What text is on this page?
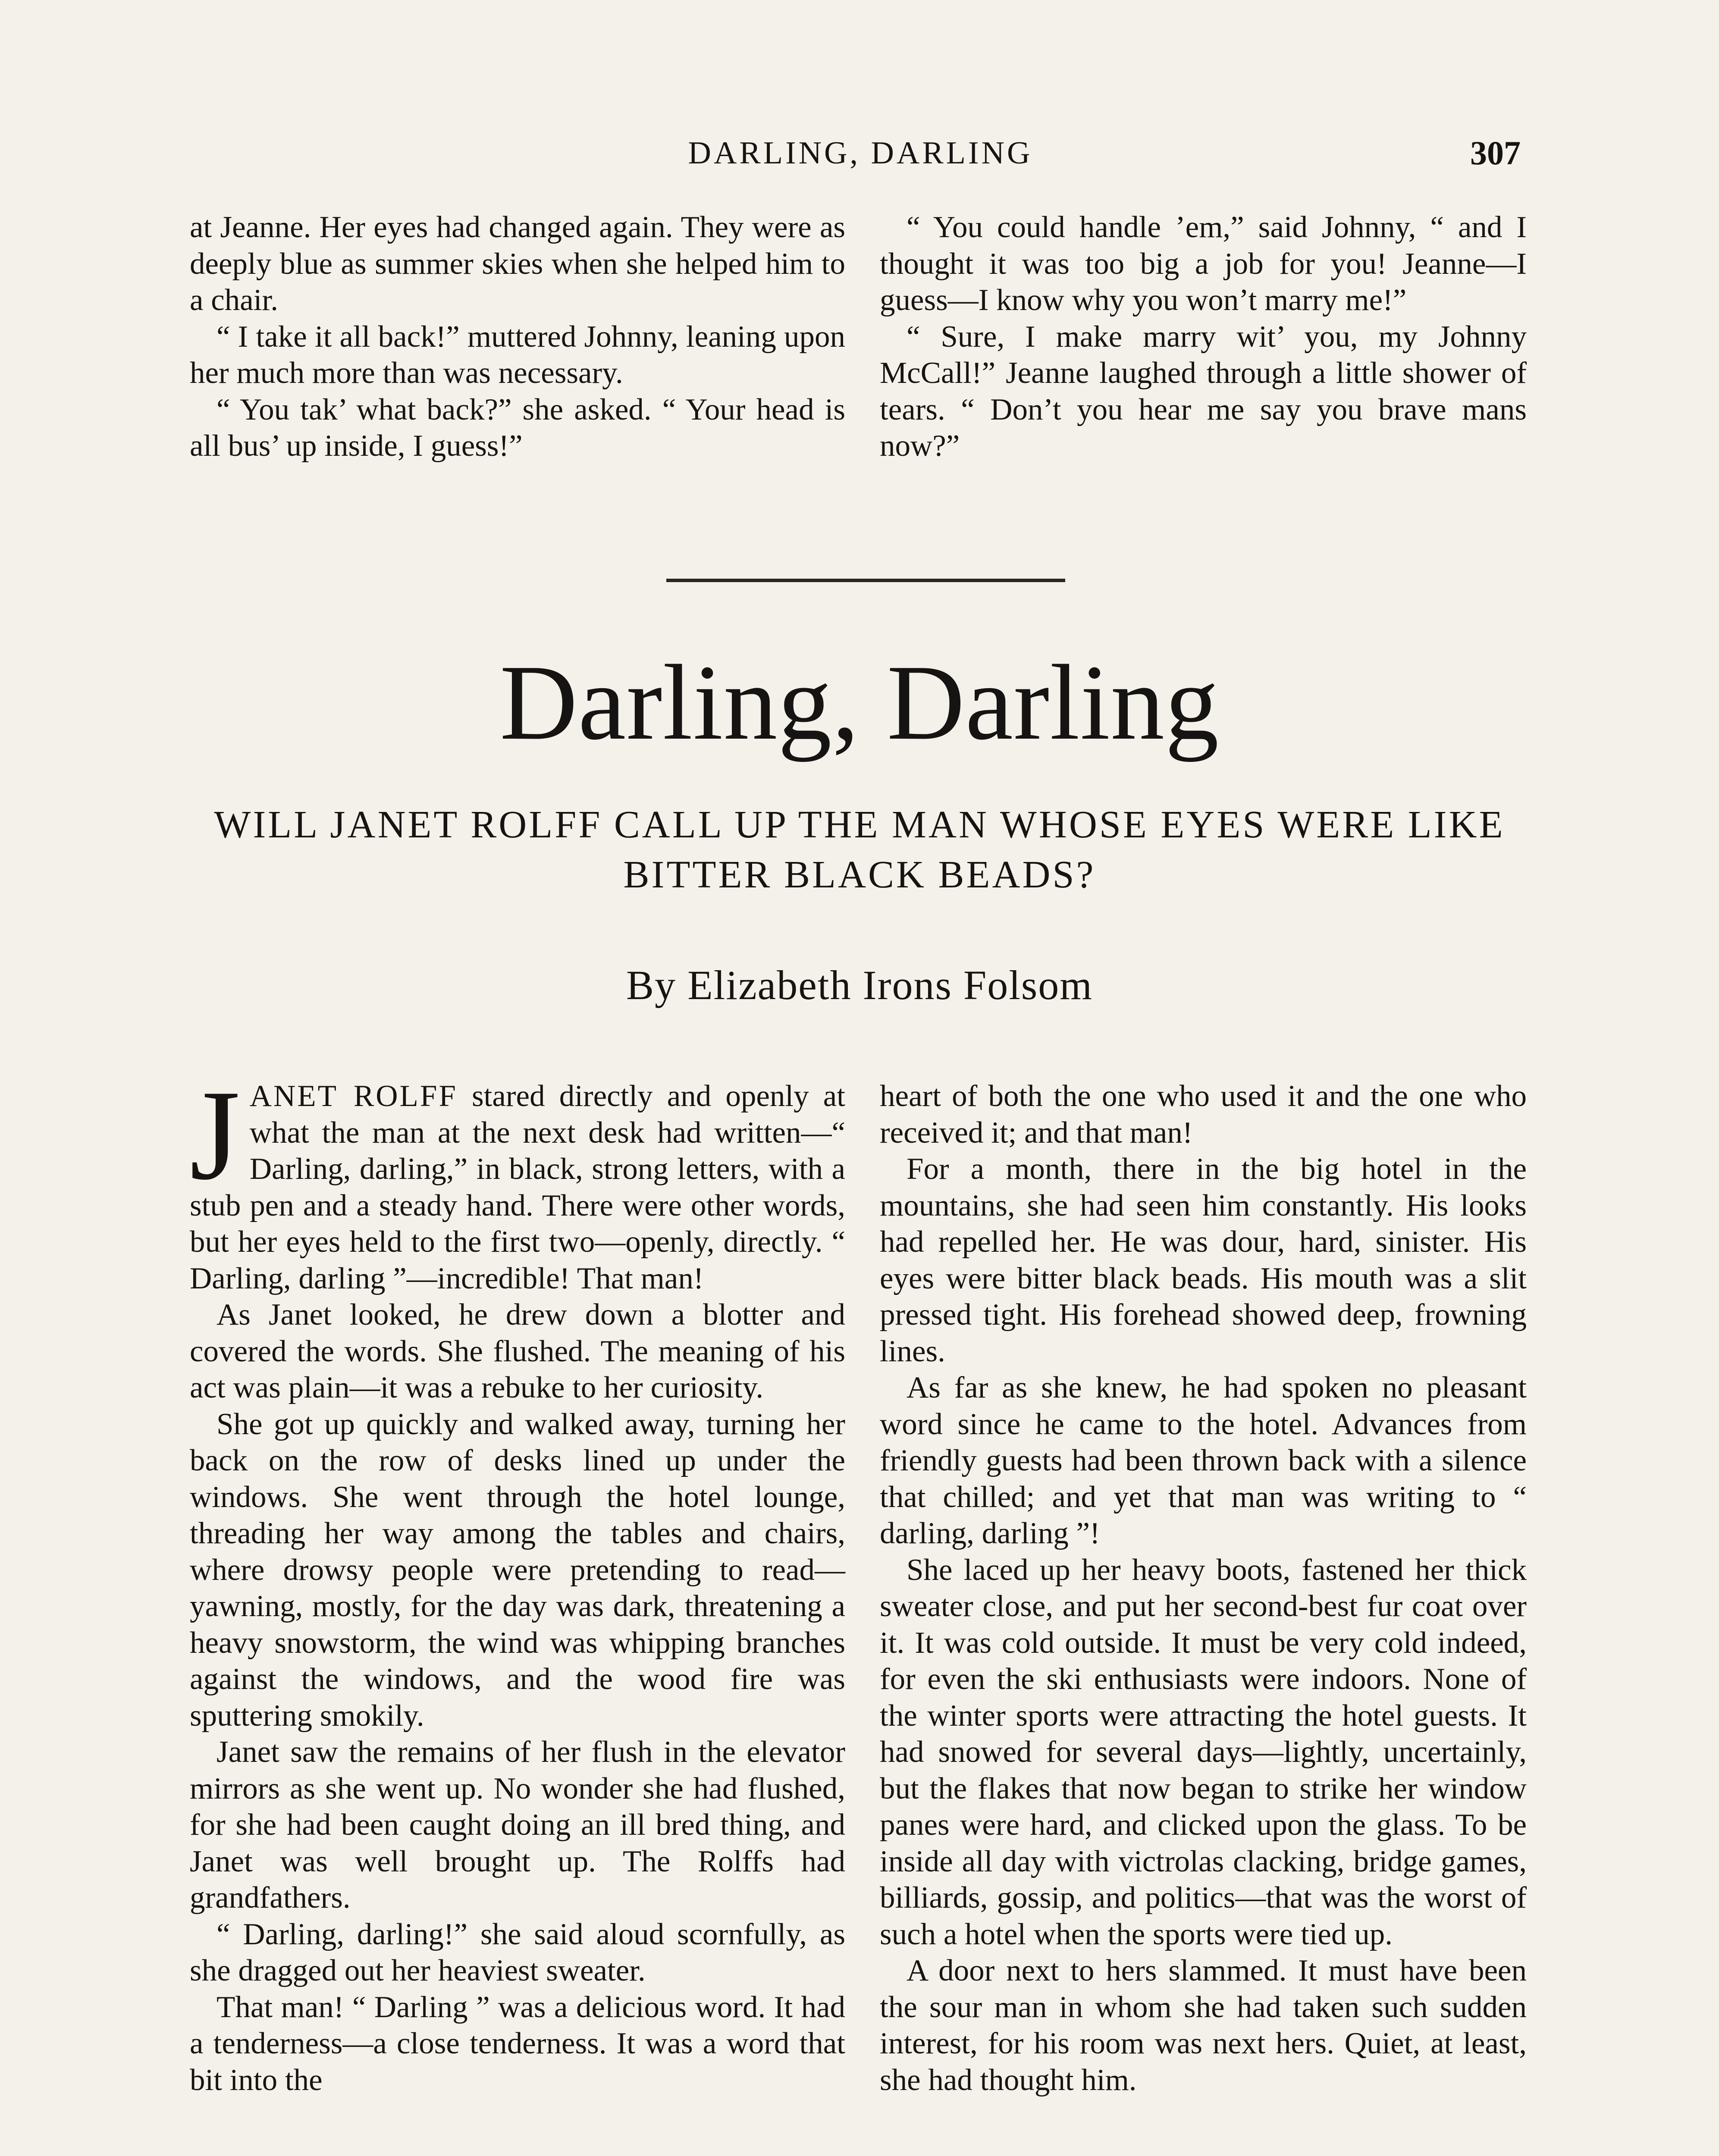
DARLING, DARLING	307

at Jeanne. Her eyes had changed again. They were as deeply blue as summer skies when she helped him to a chair.

“ I take it all back!” muttered Johnny, leaning upon her much more than was necessary.

“ You tak’ what back?” she asked. “ Your head is all bus’ up inside, I guess!”

“ You could handle ’em,” said Johnny, “ and I thought it was too big a job for you! Jeanne—I guess—I know why you won’t marry me!”

“ Sure, I make marry wit’ you, my Johnny McCall!” Jeanne laughed through a little shower of tears. “ Don’t you hear me say you brave mans now?”

Darling, Darling
WILL JANET ROLFF CALL UP THE MAN WHOSE EYES WERE LIKE BITTER BLACK BEADS?
By Elizabeth Irons Folsom

JANET ROLFF stared directly and openly at what the man at the next desk had written—“ Darling, darling,” in black, strong letters, with a stub pen and a steady hand. There were other words, but her eyes held to the first two—openly, directly. “ Darling, darling ”—incredible! That man!

As Janet looked, he drew down a blotter and covered the words. She flushed. The meaning of his act was plain—it was a rebuke to her curiosity.

She got up quickly and walked away, turning her back on the row of desks lined up under the windows. She went through the hotel lounge, threading her way among the tables and chairs, where drowsy people were pretending to read—yawning, mostly, for the day was dark, threatening a heavy snowstorm, the wind was whipping branches against the windows, and the wood fire was sputtering smokily.

Janet saw the remains of her flush in the elevator mirrors as she went up. No wonder she had flushed, for she had been caught doing an ill bred thing, and Janet was well brought up. The Rolffs had grandfathers.

“ Darling, darling!” she said aloud scornfully, as she dragged out her heaviest sweater.

That man! “ Darling ” was a delicious word. It had a tenderness—a close tenderness. It was a word that bit into the

heart of both the one who used it and the one who received it; and that man!

For a month, there in the big hotel in the mountains, she had seen him constantly. His looks had repelled her. He was dour, hard, sinister. His eyes were bitter black beads. His mouth was a slit pressed tight. His forehead showed deep, frowning lines.

As far as she knew, he had spoken no pleasant word since he came to the hotel. Advances from friendly guests had been thrown back with a silence that chilled; and yet that man was writing to “ darling, darling ”!

She laced up her heavy boots, fastened her thick sweater close, and put her second-best fur coat over it. It was cold outside. It must be very cold indeed, for even the ski enthusiasts were indoors. None of the winter sports were attracting the hotel guests. It had snowed for several days—lightly, uncertainly, but the flakes that now began to strike her window panes were hard, and clicked upon the glass. To be inside all day with victrolas clacking, bridge games, billiards, gossip, and politics—that was the worst of such a hotel when the sports were tied up.

A door next to hers slammed. It must have been the sour man in whom she had taken such sudden interest, for his room was next hers. Quiet, at least, she had thought him.
